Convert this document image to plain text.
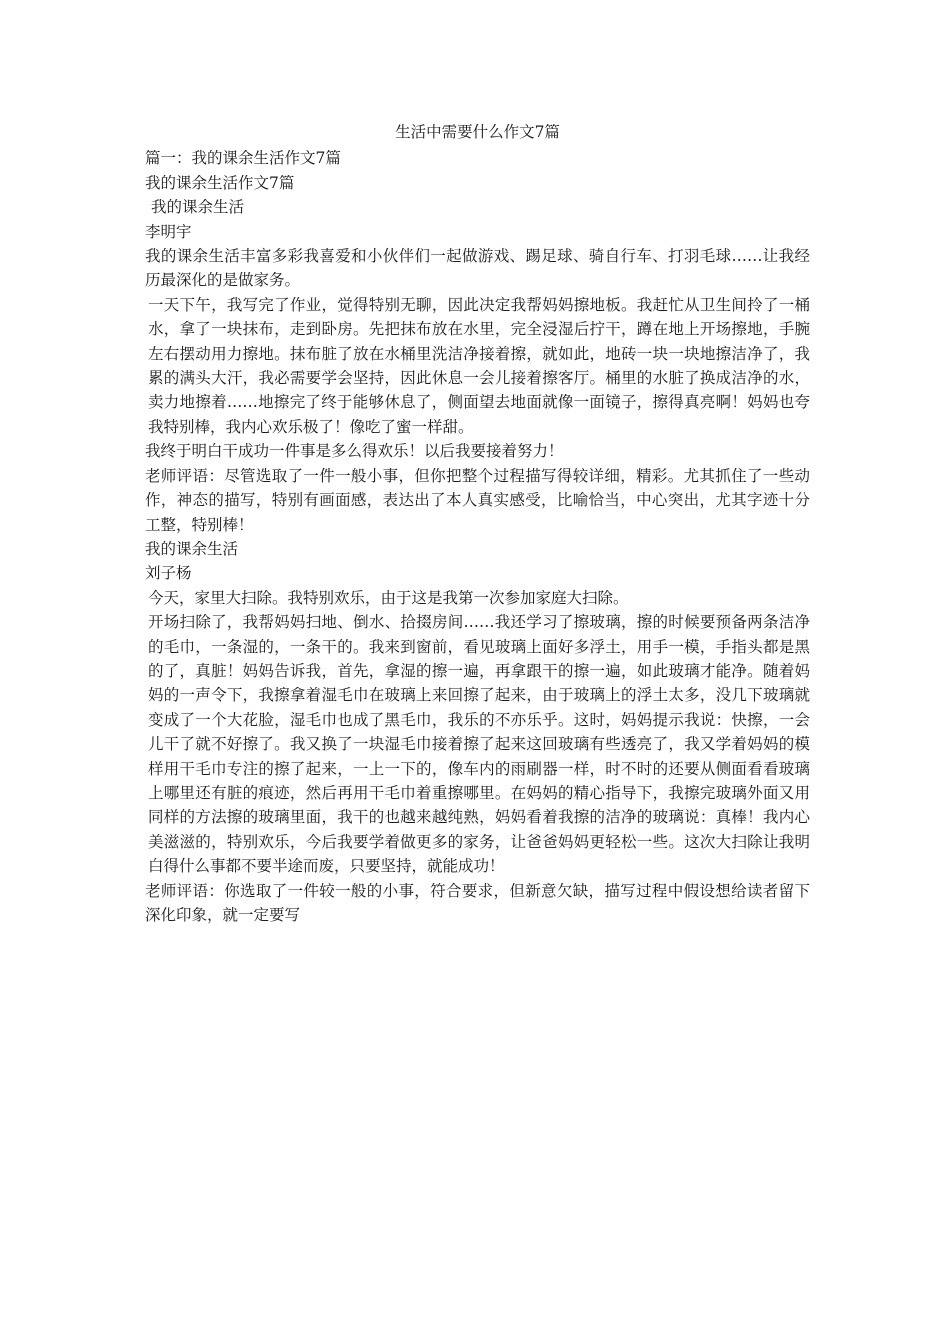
生活中需要什么作文7篇

篇一：我的课余生活作文7篇

我的课余生活作文7篇

我的课余生活

李明宇

我的课余生活丰富多彩我喜爱和小伙伴们一起做游戏、踢足球、骑自行车、打羽毛球……让我经历最深化的是做家务。

一天下午，我写完了作业，觉得特别无聊，因此决定我帮妈妈擦地板。我赶忙从卫生间拎了一桶水，拿了一块抹布，走到卧房。先把抹布放在水里，完全浸湿后拧干，蹲在地上开场擦地，手腕左右摆动用力擦地。抹布脏了放在水桶里洗洁净接着擦，就如此，地砖一块一块地擦洁净了，我累的满头大汗，我必需要学会坚持，因此休息一会儿接着擦客厅。桶里的水脏了换成洁净的水，卖力地擦着……地擦完了终于能够休息了，侧面望去地面就像一面镜子，擦得真亮啊！妈妈也夸我特别棒，我内心欢乐极了！像吃了蜜一样甜。

我终于明白干成功一件事是多么得欢乐！以后我要接着努力！

老师评语：尽管选取了一件一般小事，但你把整个过程描写得较详细，精彩。尤其抓住了一些动作，神态的描写，特别有画面感，表达出了本人真实感受，比喻恰当，中心突出，尤其字迹十分工整，特别棒！

我的课余生活

刘子杨

今天，家里大扫除。我特别欢乐，由于这是我第一次参加家庭大扫除。

开场扫除了，我帮妈妈扫地、倒水、拾掇房间……我还学习了擦玻璃，擦的时候要预备两条洁净的毛巾，一条湿的，一条干的。我来到窗前，看见玻璃上面好多浮土，用手一模，手指头都是黑的了，真脏！妈妈告诉我，首先，拿湿的擦一遍，再拿跟干的擦一遍，如此玻璃才能净。随着妈妈的一声令下，我擦拿着湿毛巾在玻璃上来回擦了起来，由于玻璃上的浮土太多，没几下玻璃就变成了一个大花脸，湿毛巾也成了黑毛巾，我乐的不亦乐乎。这时，妈妈提示我说：快擦，一会儿干了就不好擦了。我又换了一块湿毛巾接着擦了起来这回玻璃有些透亮了，我又学着妈妈的模样用干毛巾专注的擦了起来，一上一下的，像车内的雨刷器一样，时不时的还要从侧面看看玻璃上哪里还有脏的痕迹，然后再用干毛巾着重擦哪里。在妈妈的精心指导下，我擦完玻璃外面又用同样的方法擦的玻璃里面，我干的也越来越纯熟，妈妈看着我擦的洁净的玻璃说：真棒！我内心美滋滋的，特别欢乐，今后我要学着做更多的家务，让爸爸妈妈更轻松一些。这次大扫除让我明白得什么事都不要半途而废，只要坚持，就能成功！

老师评语：你选取了一件较一般的小事，符合要求，但新意欠缺，描写过程中假设想给读者留下深化印象，就一定要写
